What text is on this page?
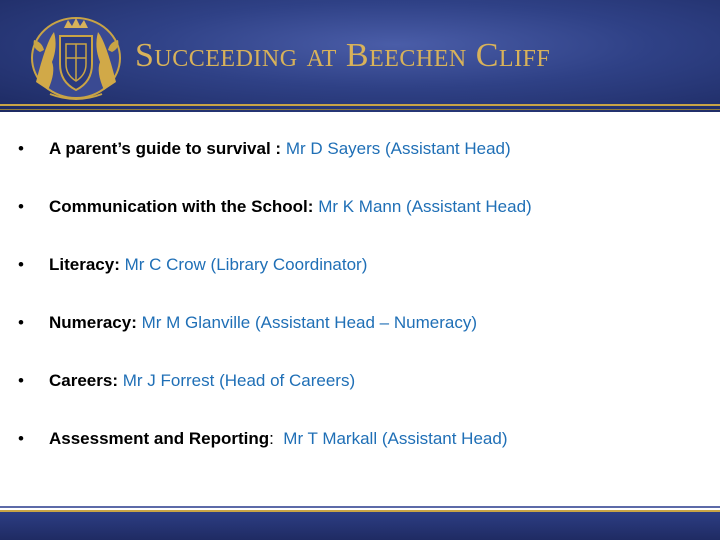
Succeeding at Beechen Cliff
•	A parent’s guide to survival : Mr D Sayers (Assistant Head)
•	Communication with the School: Mr K Mann (Assistant Head)
•	Literacy: Mr C Crow (Library Coordinator)
•	Numeracy: Mr M Glanville (Assistant Head – Numeracy)
•	Careers: Mr J Forrest (Head of Careers)
•	Assessment and Reporting:  Mr T Markall (Assistant Head)
